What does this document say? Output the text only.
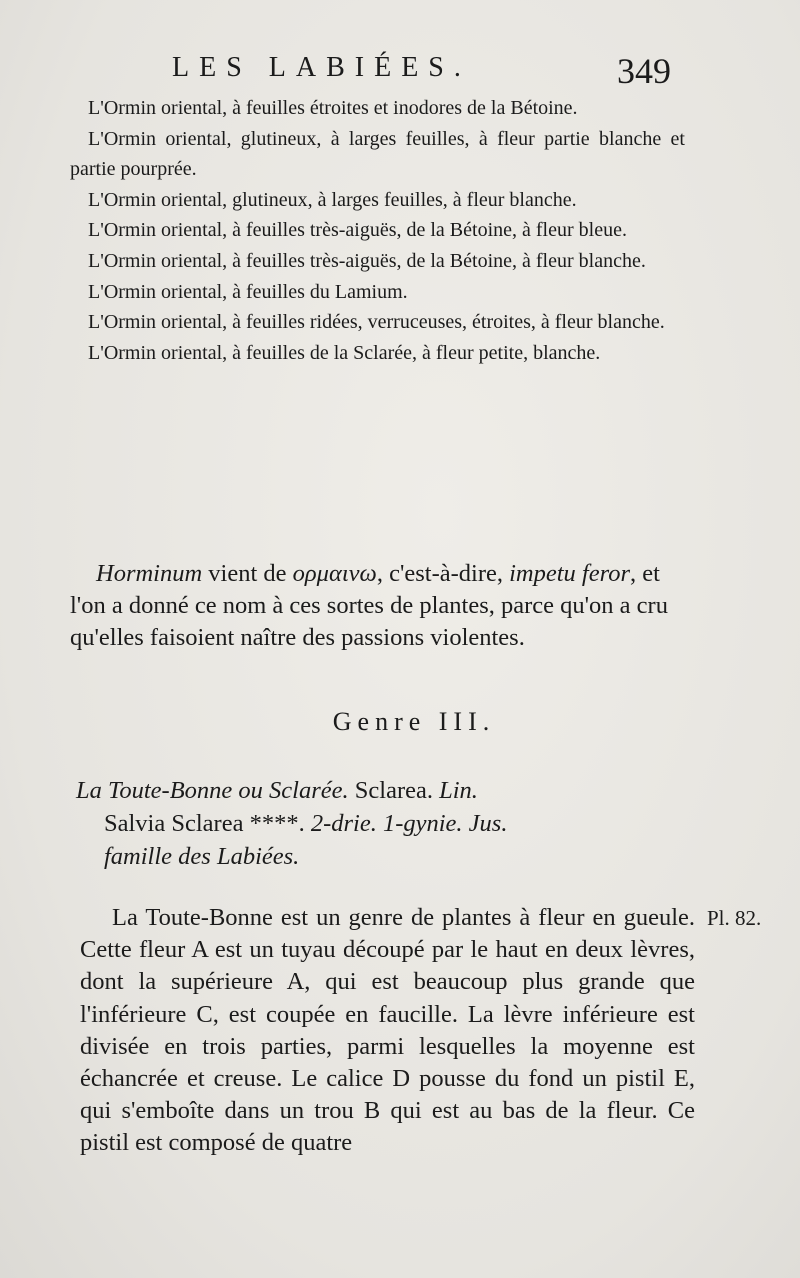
LES LABIÉES.	349

L'Ormin oriental, à feuilles étroites et inodores de la Bétoine.

L'Ormin oriental, glutineux, à larges feuilles, à fleur partie blanche et partie pourprée.

L'Ormin oriental, glutineux, à larges feuilles, à fleur blanche.

L'Ormin oriental, à feuilles très-aiguës, de la Bétoine, à fleur bleue.

L'Ormin oriental, à feuilles très-aiguës, de la Bétoine, à fleur blanche.

L'Ormin oriental, à feuilles du Lamium.

L'Ormin oriental, à feuilles ridées, verruceuses, étroites, à fleur blanche.

L'Ormin oriental, à feuilles de la Sclarée, à fleur petite, blanche.

Horminum vient de ορμαινω, c'est-à-dire, impetu feror, et l'on a donné ce nom à ces sortes de plantes, parce qu'on a cru qu'elles faisoient naître des passions violentes.

Genre III.
La Toute-Bonne ou Sclarée. Sclarea. Lin.
Salvia Sclarea ****. 2-drie. 1-gynie. Jus.
famille des Labiées.

La Toute-Bonne est un genre de plantes à fleur en gueule. Cette fleur A est un tuyau découpé par le haut en deux lèvres, dont la supérieure A, qui est beaucoup plus grande que l'inférieure C, est coupée en faucille. La lèvre inférieure est divisée en trois parties, parmi lesquelles la moyenne est échancrée et creuse. Le calice D pousse du fond un pistil E, qui s'emboîte dans un trou B qui est au bas de la fleur. Ce pistil est composé de quatre

Pl. 82.
